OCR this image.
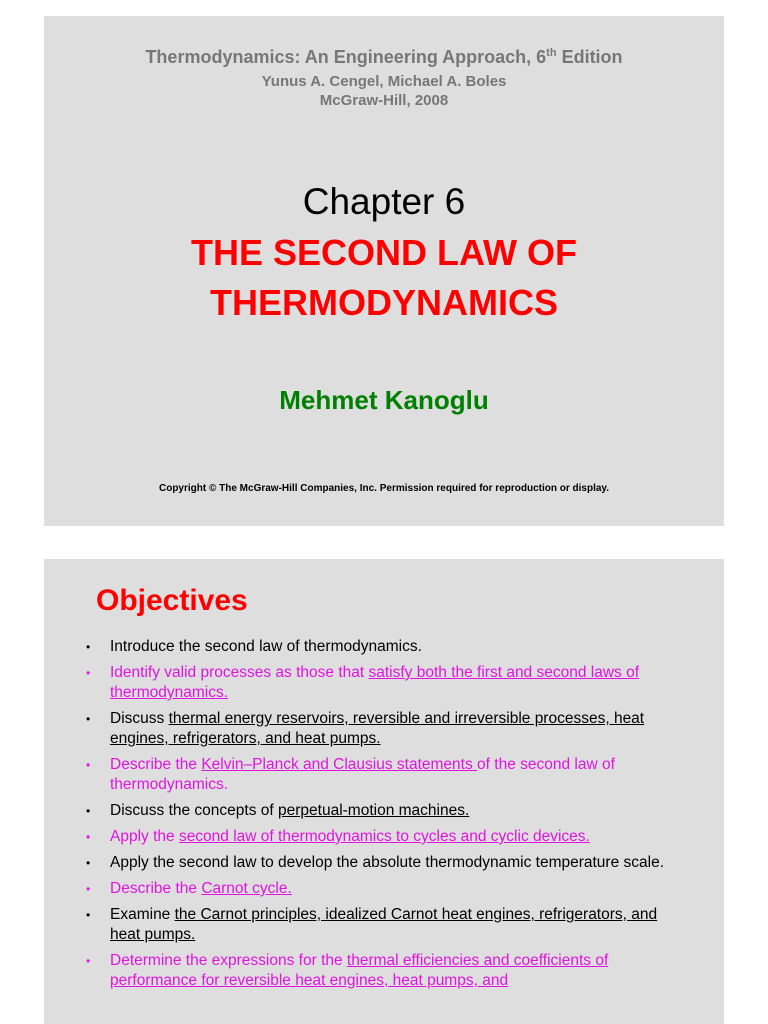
Thermodynamics: An Engineering Approach, 6th Edition
Yunus A. Cengel, Michael A. Boles
McGraw-Hill, 2008
Chapter 6
THE SECOND LAW OF
THERMODYNAMICS
Mehmet Kanoglu
Copyright © The McGraw-Hill Companies, Inc. Permission required for reproduction or display.
Objectives
• Introduce the second law of thermodynamics.
• Identify valid processes as those that satisfy both the first and second laws of thermodynamics.
• Discuss thermal energy reservoirs, reversible and irreversible processes, heat engines, refrigerators, and heat pumps.
• Describe the Kelvin–Planck and Clausius statements of the second law of thermodynamics.
• Discuss the concepts of perpetual-motion machines.
• Apply the second law of thermodynamics to cycles and cyclic devices.
• Apply the second law to develop the absolute thermodynamic temperature scale.
• Describe the Carnot cycle.
• Examine the Carnot principles, idealized Carnot heat engines, refrigerators, and heat pumps.
• Determine the expressions for the thermal efficiencies and coefficients of performance for reversible heat engines, heat pumps, and
